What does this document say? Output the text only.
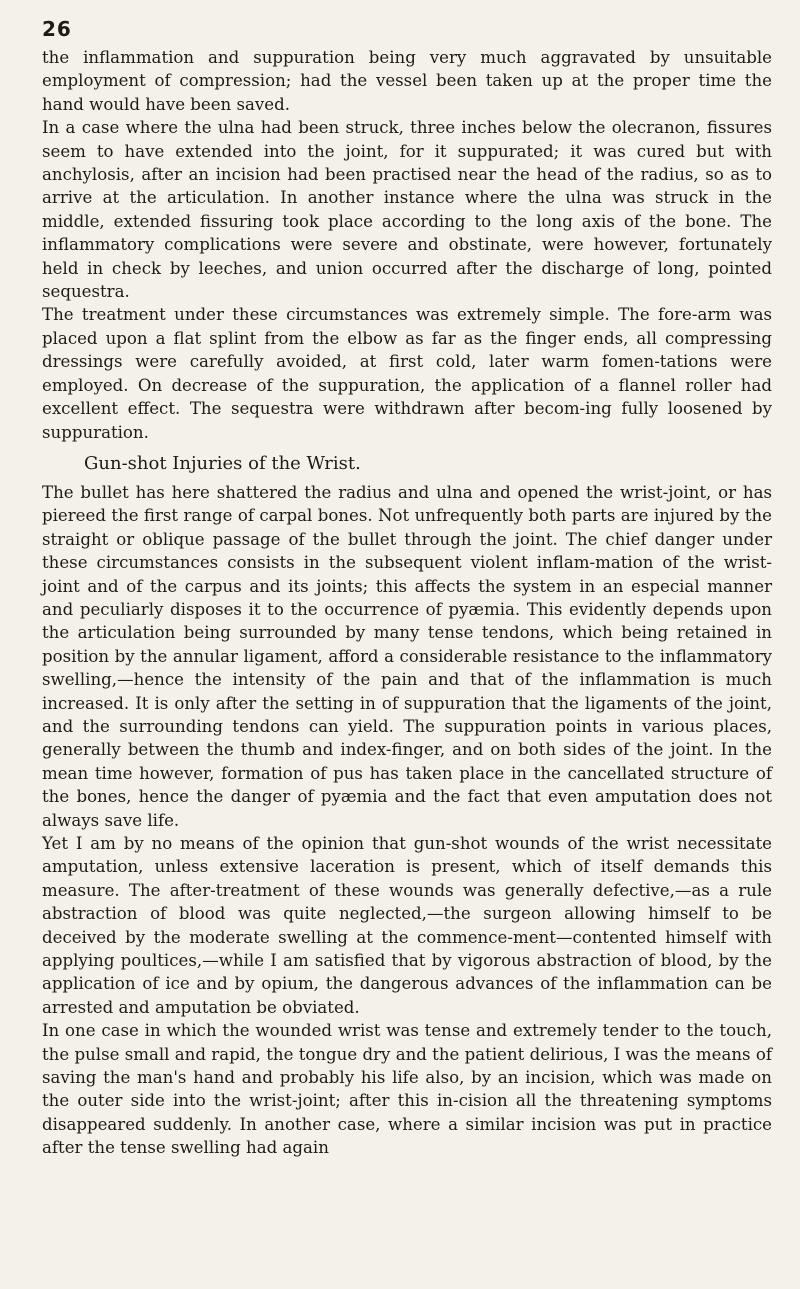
26

the inflammation and suppuration being very much aggravated by unsuitable employment of compression; had the vessel been taken up at the proper time the hand would have been saved.

In a case where the ulna had been struck, three inches below the olecranon, fissures seem to have extended into the joint, for it suppurated; it was cured but with anchylosis, after an incision had been practised near the head of the radius, so as to arrive at the articulation. In another instance where the ulna was struck in the middle, extended fissuring took place according to the long axis of the bone. The inflammatory complications were severe and obstinate, were however, fortunately held in check by leeches, and union occurred after the discharge of long, pointed sequestra.

The treatment under these circumstances was extremely simple. The fore-arm was placed upon a flat splint from the elbow as far as the finger ends, all compressing dressings were carefully avoided, at first cold, later warm fomen-tations were employed. On decrease of the suppuration, the application of a flannel roller had excellent effect. The sequestra were withdrawn after becom-ing fully loosened by suppuration.

Gun-shot Injuries of the Wrist.

The bullet has here shattered the radius and ulna and opened the wrist-joint, or has piereed the first range of carpal bones. Not unfrequently both parts are injured by the straight or oblique passage of the bullet through the joint. The chief danger under these circumstances consists in the subsequent violent inflam-mation of the wrist-joint and of the carpus and its joints; this affects the system in an especial manner and peculiarly disposes it to the occurrence of pyæmia. This evidently depends upon the articulation being surrounded by many tense tendons, which being retained in position by the annular ligament, afford a considerable resistance to the inflammatory swelling,—hence the intensity of the pain and that of the inflammation is much increased. It is only after the setting in of suppuration that the ligaments of the joint, and the surrounding tendons can yield. The suppuration points in various places, generally between the thumb and index-finger, and on both sides of the joint. In the mean time however, formation of pus has taken place in the cancellated structure of the bones, hence the danger of pyæmia and the fact that even amputation does not always save life.

Yet I am by no means of the opinion that gun-shot wounds of the wrist necessitate amputation, unless extensive laceration is present, which of itself demands this measure. The after-treatment of these wounds was generally defective,—as a rule abstraction of blood was quite neglected,—the surgeon allowing himself to be deceived by the moderate swelling at the commence-ment—contented himself with applying poultices,—while I am satisfied that by vigorous abstraction of blood, by the application of ice and by opium, the dangerous advances of the inflammation can be arrested and amputation be obviated.

In one case in which the wounded wrist was tense and extremely tender to the touch, the pulse small and rapid, the tongue dry and the patient delirious, I was the means of saving the man's hand and probably his life also, by an incision, which was made on the outer side into the wrist-joint; after this in-cision all the threatening symptoms disappeared suddenly. In another case, where a similar incision was put in practice after the tense swelling had again
